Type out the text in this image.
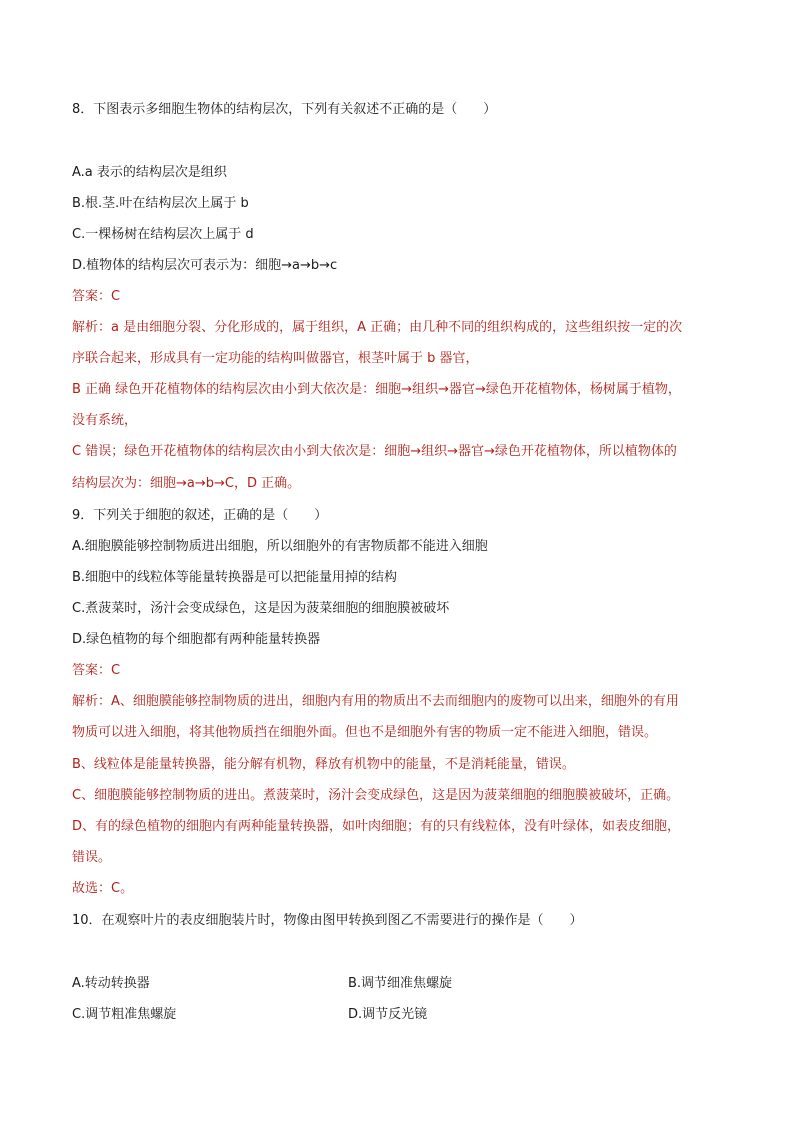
8．下图表示多细胞生物体的结构层次，下列有关叙述不正确的是（　　）
A.a 表示的结构层次是组织
B.根.茎.叶在结构层次上属于 b
C.一棵杨树在结构层次上属于 d
D.植物体的结构层次可表示为：细胞→a→b→c
答案：C
解析：a 是由细胞分裂、分化形成的，属于组织，A 正确；由几种不同的组织构成的，这些组织按一定的次
序联合起来，形成具有一定功能的结构叫做器官，根茎叶属于 b 器官，
B 正确 绿色开花植物体的结构层次由小到大依次是：细胞→组织→器官→绿色开花植物体，杨树属于植物，
没有系统，
C 错误；绿色开花植物体的结构层次由小到大依次是：细胞→组织→器官→绿色开花植物体，所以植物体的
结构层次为：细胞→a→b→C，D 正确。
9．下列关于细胞的叙述，正确的是（　　）
A.细胞膜能够控制物质进出细胞，所以细胞外的有害物质都不能进入细胞
B.细胞中的线粒体等能量转换器是可以把能量用掉的结构
C.煮菠菜时，汤汁会变成绿色，这是因为菠菜细胞的细胞膜被破坏
D.绿色植物的每个细胞都有两种能量转换器
答案：C
解析：A、细胞膜能够控制物质的进出，细胞内有用的物质出不去而细胞内的废物可以出来，细胞外的有用
物质可以进入细胞，将其他物质挡在细胞外面。但也不是细胞外有害的物质一定不能进入细胞，错误。
B、线粒体是能量转换器，能分解有机物，释放有机物中的能量，不是消耗能量，错误。
C、细胞膜能够控制物质的进出。煮菠菜时，汤汁会变成绿色，这是因为菠菜细胞的细胞膜被破坏，正确。
D、有的绿色植物的细胞内有两种能量转换器，如叶肉细胞；有的只有线粒体，没有叶绿体，如表皮细胞，
错误。
故选：C。
10．在观察叶片的表皮细胞装片时，物像由图甲转换到图乙不需要进行的操作是（　　）
A.转动转换器	B.调节细准焦螺旋
C.调节粗准焦螺旋	D.调节反光镜
